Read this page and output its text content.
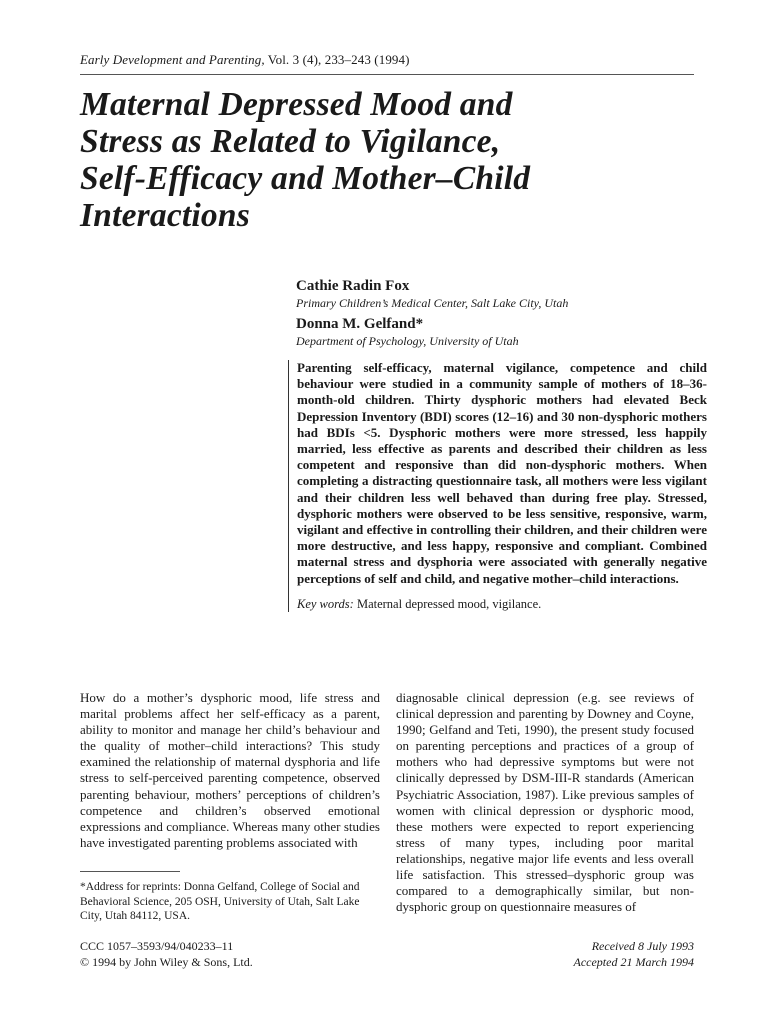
Early Development and Parenting, Vol. 3 (4), 233–243 (1994)
Maternal Depressed Mood and
Stress as Related to Vigilance,
Self-Efficacy and Mother–Child
Interactions
Cathie Radin Fox
Primary Children’s Medical Center, Salt Lake City, Utah
Donna M. Gelfand*
Department of Psychology, University of Utah
Parenting self-efficacy, maternal vigilance, competence and child behaviour were studied in a community sample of mothers of 18–36-month-old children. Thirty dysphoric mothers had elevated Beck Depression Inventory (BDI) scores (12–16) and 30 non-dysphoric mothers had BDIs <5. Dysphoric mothers were more stressed, less happily married, less effective as parents and described their children as less competent and responsive than did non-dysphoric mothers. When completing a distracting questionnaire task, all mothers were less vigilant and their children less well behaved than during free play. Stressed, dysphoric mothers were observed to be less sensitive, responsive, warm, vigilant and effective in controlling their children, and their children were more destructive, and less happy, responsive and compliant. Combined maternal stress and dysphoria were associated with generally negative perceptions of self and child, and negative mother–child interactions.
Key words: Maternal depressed mood, vigilance.
How do a mother’s dysphoric mood, life stress and marital problems affect her self-efficacy as a parent, ability to monitor and manage her child’s behaviour and the quality of mother–child interactions? This study examined the relationship of maternal dysphoria and life stress to self-perceived parenting competence, observed parenting behaviour, mothers’ perceptions of children’s competence and children’s observed emotional expressions and compliance. Whereas many other studies have investigated parenting problems associated with
diagnosable clinical depression (e.g. see reviews of clinical depression and parenting by Downey and Coyne, 1990; Gelfand and Teti, 1990), the present study focused on parenting perceptions and practices of a group of mothers who had depressive symptoms but were not clinically depressed by DSM-III-R standards (American Psychiatric Association, 1987). Like previous samples of women with clinical depression or dysphoric mood, these mothers were expected to report experiencing stress of many types, including poor marital relationships, negative major life events and less overall life satisfaction. This stressed–dysphoric group was compared to a demographically similar, but non-dysphoric group on questionnaire measures of
*Address for reprints: Donna Gelfand, College of Social and Behavioral Science, 205 OSH, University of Utah, Salt Lake City, Utah 84112, USA.
CCC 1057–3593/94/040233–11
© 1994 by John Wiley & Sons, Ltd.
Received 8 July 1993
Accepted 21 March 1994
